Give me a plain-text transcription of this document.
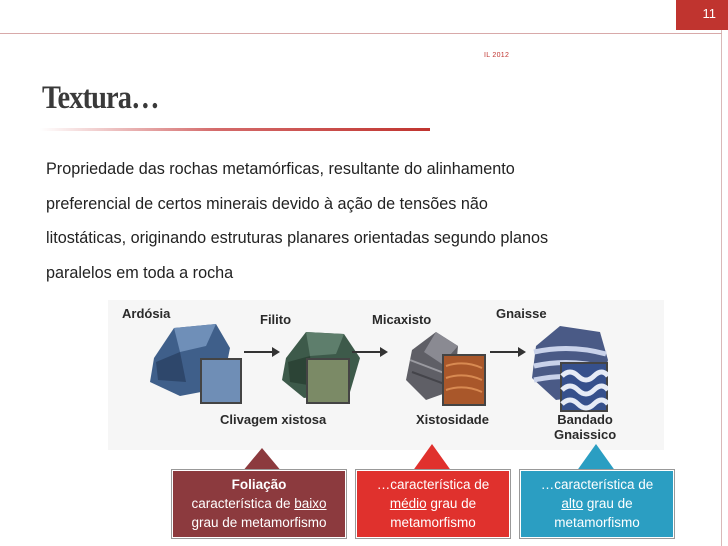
11
IL 2012
Textura…

Propriedade das rochas metamórficas, resultante do alinhamento
preferencial de certos minerais devido à ação de tensões não
litostáticas, originando estruturas planares orientadas segundo planos
paralelos em toda a rocha

Ardósia	Filito	Micaxisto	Gnaisse
Clivagem xistosa	Xistosidade	Bandado
Gnaissico
Foliação
característica de baixo
grau de metamorfismo
…característica de
médio grau de
metamorfismo
…característica de
alto grau de
metamorfismo
